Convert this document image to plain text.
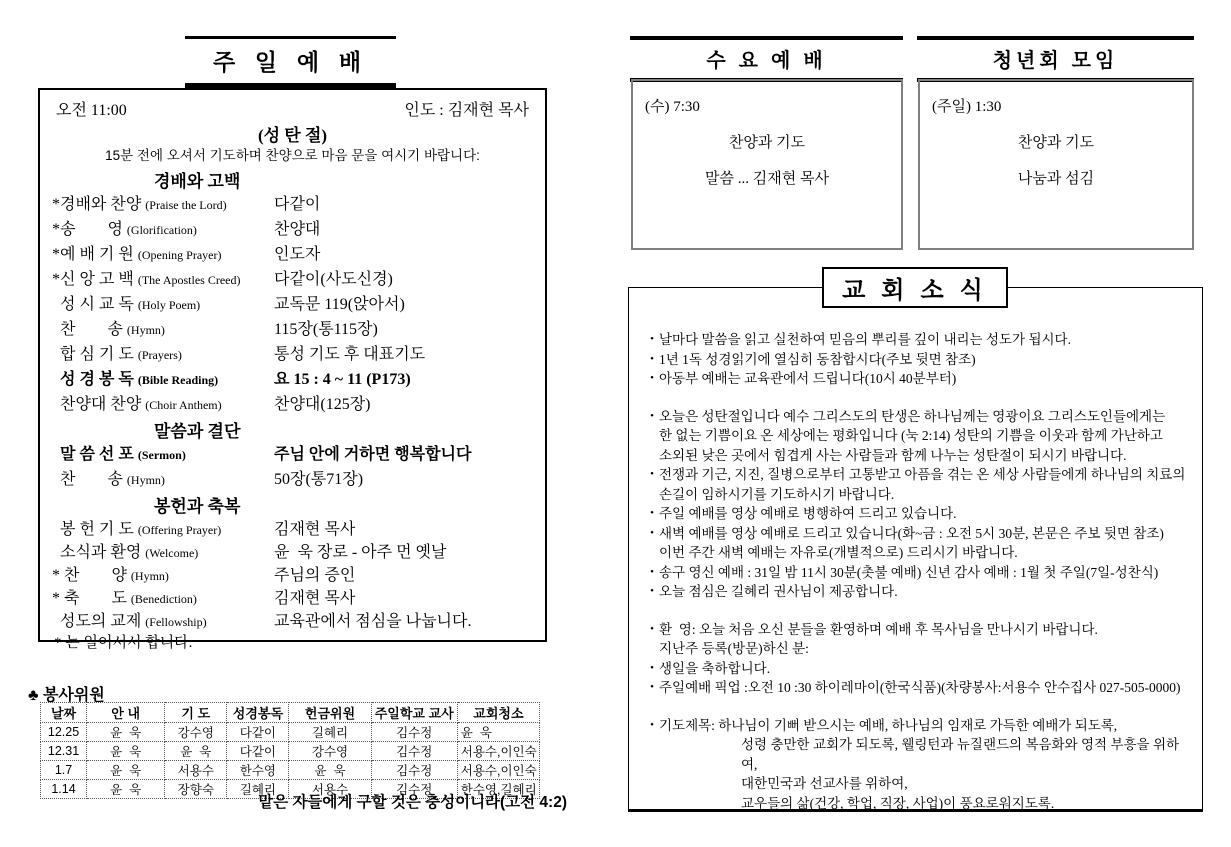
주 일 예 배
오전 11:00	인도 : 김재현 목사
(성 탄 절)
15분 전에 오셔서 기도하며 찬양으로 마음 문을 여시기 바랍니다:
경배와 고백
*경배와 찬양 (Praise the Lord)	다같이
*송        영 (Glorification)	찬양대
*예 배 기 원 (Opening Prayer)	인도자
*신 앙 고 백 (The Apostles Creed)	다같이(사도신경)
성 시 교 독 (Holy Poem)	교독문 119(앉아서)
찬        송 (Hymn)	115장(통115장)
합 심 기 도 (Prayers)	통성 기도 후 대표기도
성 경 봉 독 (Bible Reading)	요 15 : 4 ~ 11 (P173)
찬양대 찬양 (Choir Anthem)	찬양대(125장)
말씀과 결단
말 씀 선 포 (Sermon)	주님 안에 거하면 행복합니다
찬        송 (Hymn)	50장(통71장)
봉헌과 축복
봉 헌 기 도 (Offering Prayer)	김재현 목사
소식과 환영 (Welcome)	윤  욱 장로 - 아주 먼 옛날
* 찬        양 (Hymn)	주님의 증인
* 축        도 (Benediction)	김재현 목사
성도의 교제 (Fellowship)	교육관에서 점심을 나눕니다.
* 는 일어서서 합니다.
♣ 봉사위원
날짜	안 내	기 도	성경봉독	헌금위원	주일학교 교사	교회청소
12.25	윤  욱	강수영	다같이	길혜리	김수정	윤  욱
12.31	윤  욱	윤  욱	다같이	강수영	김수정	서용수,이인숙
1.7	윤  욱	서용수	한수영	윤  욱	김수정	서용수,이인숙
1.14	윤  욱	장향숙	길혜리	서용수	김수정	한수영,길혜리
맡은 자들에게 구할 것은 충성이니라(고전 4:2)
수 요 예 배
(수) 7:30
찬양과 기도
말씀 ... 김재현 목사
청년회 모임
(주일) 1:30
찬양과 기도
나눔과 섬김
• 날마다 말씀을 읽고 실천하여 믿음의 뿌리를 깊이 내리는 성도가 됩시다.
• 1년 1독 성경읽기에 열심히 동참합시다(주보 뒷면 참조)
• 아동부 예배는 교육관에서 드립니다(10시 40분부터)
• 오늘은 성탄절입니다 예수 그리스도의 탄생은 하나님께는 영광이요 그리스도인들에게는
한 없는 기쁨이요 온 세상에는 평화입니다 (눅 2:14) 성탄의 기쁨을 이웃과 함께 가난하고
소외된 낮은 곳에서 힘겹게 사는 사람들과 함께 나누는 성탄절이 되시기 바랍니다.
• 전쟁과 기근, 지진, 질병으로부터 고통받고 아픔을 겪는 온 세상 사람들에게 하나님의 치료의
손길이 임하시기를 기도하시기 바랍니다.
• 주일 예배를 영상 예배로 병행하여 드리고 있습니다.
• 새벽 예배를 영상 예배로 드리고 있습니다(화~금 : 오전 5시 30분, 본문은 주보 뒷면 참조)
이번 주간 새벽 예배는 자유로(개별적으로) 드리시기 바랍니다.
• 송구 영신 예배 : 31일 밤 11시 30분(촛불 예배) 신년 감사 예배 : 1월 첫 주일(7일-성찬식)
• 오늘 점심은 길혜리 권사님이 제공합니다.
• 환  영: 오늘 처음 오신 분들을 환영하며 예배 후 목사님을 만나시기 바랍니다.
지난주 등록(방문)하신 분:
• 생일을 축하합니다.
• 주일예배 픽업 :오전 10 :30 하이레마이(한국식품)(차량봉사:서용수 안수집사 027-505-0000)
• 기도제목: 하나님이 기뻐 받으시는 예배, 하나님의 임재로 가득한 예배가 되도록,
성령 충만한 교회가 되도록, 웰링턴과 뉴질랜드의 복음화와 영적 부흥을 위하여,
대한민국과 선교사를 위하여,
교우들의 삶(건강, 학업, 직장, 사업)이 풍요로워지도록.
교 회 소 식
